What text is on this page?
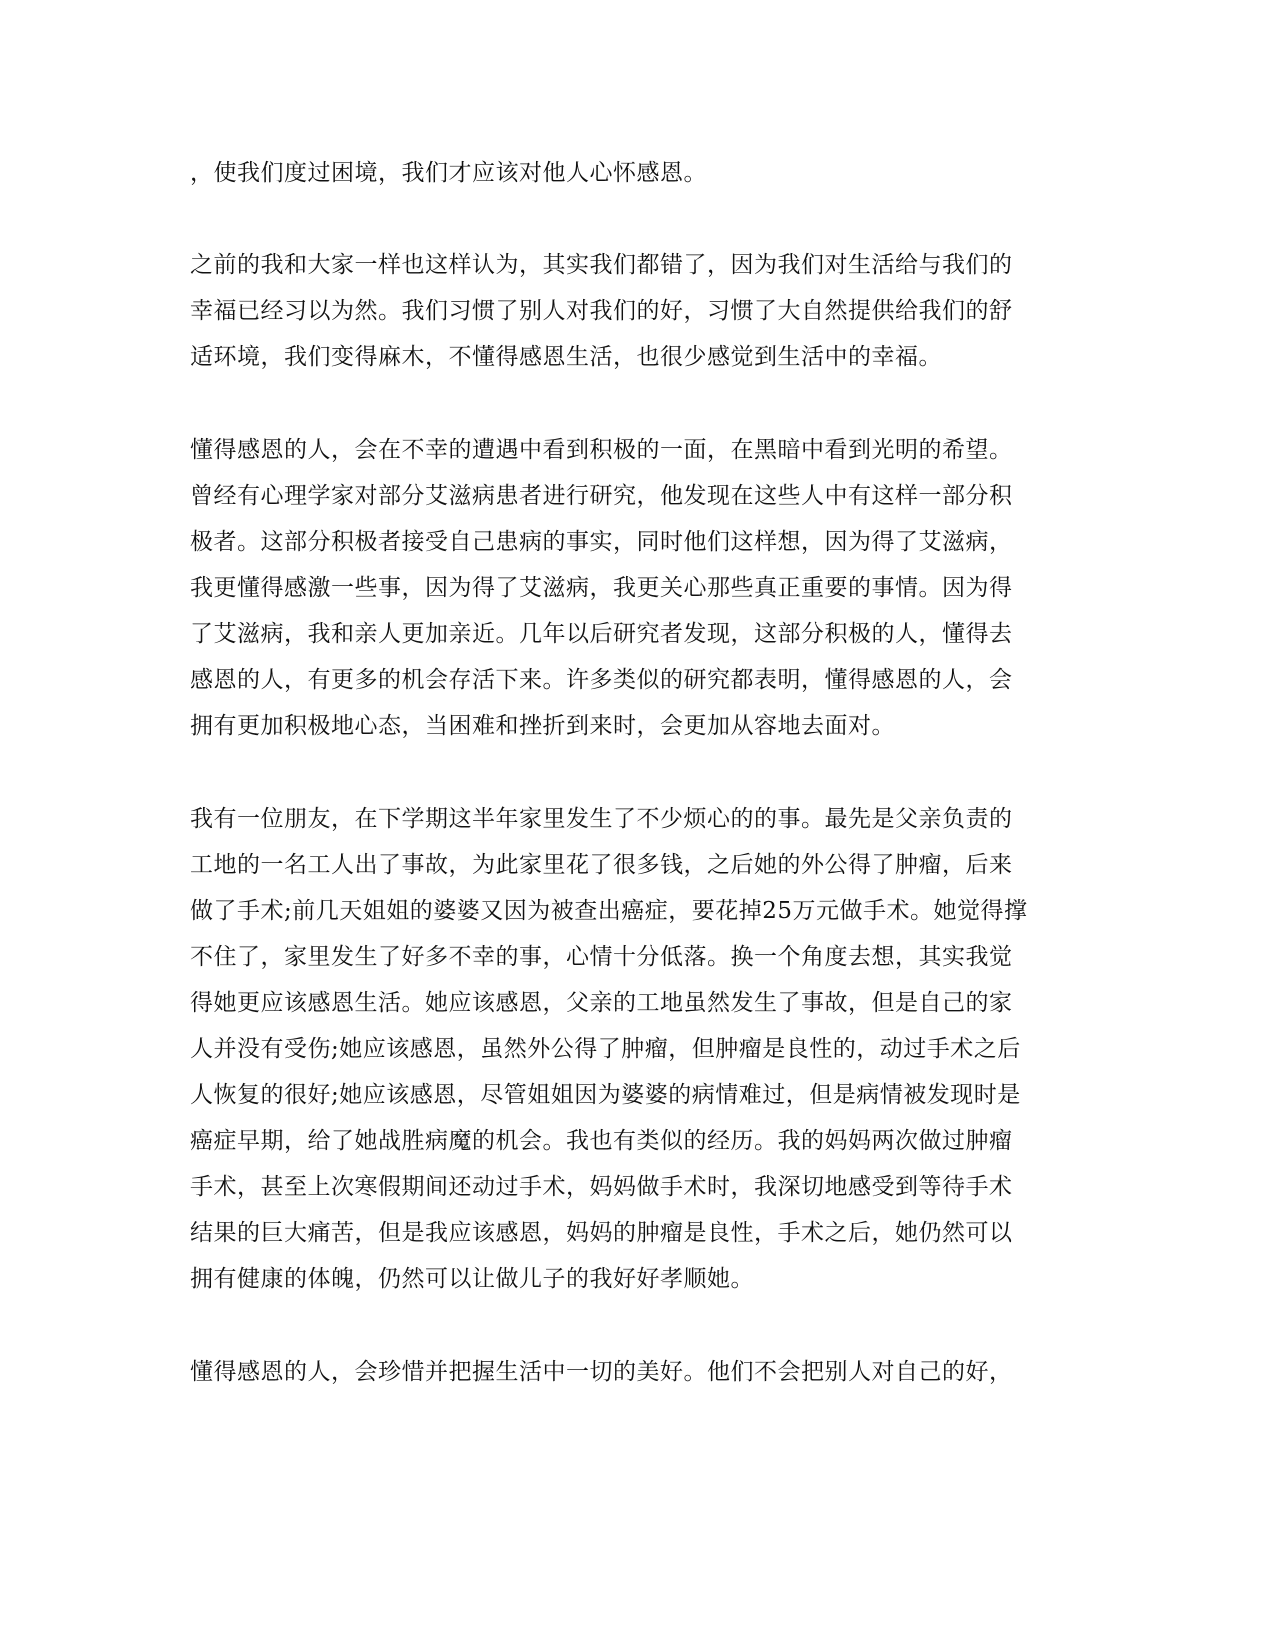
，使我们度过困境，我们才应该对他人心怀感恩。
之前的我和大家一样也这样认为，其实我们都错了，因为我们对生活给与我们的
幸福已经习以为然。我们习惯了别人对我们的好，习惯了大自然提供给我们的舒
适环境，我们变得麻木，不懂得感恩生活，也很少感觉到生活中的幸福。
懂得感恩的人，会在不幸的遭遇中看到积极的一面，在黑暗中看到光明的希望。
曾经有心理学家对部分艾滋病患者进行研究，他发现在这些人中有这样一部分积
极者。这部分积极者接受自己患病的事实，同时他们这样想，因为得了艾滋病，
我更懂得感激一些事，因为得了艾滋病，我更关心那些真正重要的事情。因为得
了艾滋病，我和亲人更加亲近。几年以后研究者发现，这部分积极的人，懂得去
感恩的人，有更多的机会存活下来。许多类似的研究都表明，懂得感恩的人，会
拥有更加积极地心态，当困难和挫折到来时，会更加从容地去面对。
我有一位朋友，在下学期这半年家里发生了不少烦心的的事。最先是父亲负责的
工地的一名工人出了事故，为此家里花了很多钱，之后她的外公得了肿瘤，后来
做了手术;前几天姐姐的婆婆又因为被查出癌症，要花掉25万元做手术。她觉得撑
不住了，家里发生了好多不幸的事，心情十分低落。换一个角度去想，其实我觉
得她更应该感恩生活。她应该感恩，父亲的工地虽然发生了事故，但是自己的家
人并没有受伤;她应该感恩，虽然外公得了肿瘤，但肿瘤是良性的，动过手术之后
人恢复的很好;她应该感恩，尽管姐姐因为婆婆的病情难过，但是病情被发现时是
癌症早期，给了她战胜病魔的机会。我也有类似的经历。我的妈妈两次做过肿瘤
手术，甚至上次寒假期间还动过手术，妈妈做手术时，我深切地感受到等待手术
结果的巨大痛苦，但是我应该感恩，妈妈的肿瘤是良性，手术之后，她仍然可以
拥有健康的体魄，仍然可以让做儿子的我好好孝顺她。
懂得感恩的人，会珍惜并把握生活中一切的美好。他们不会把别人对自己的好，
